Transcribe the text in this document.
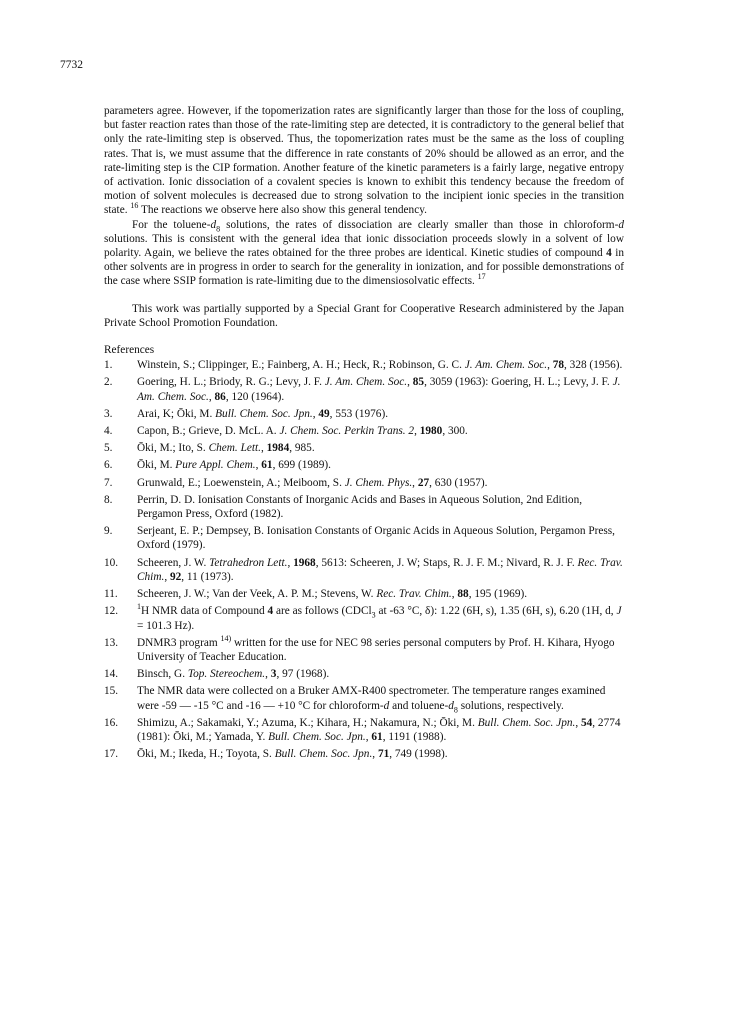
7732

parameters agree. However, if the topomerization rates are significantly larger than those for the loss of coupling, but faster reaction rates than those of the rate-limiting step are detected, it is contradictory to the general belief that only the rate-limiting step is observed. Thus, the topomerization rates must be the same as the loss of coupling rates. That is, we must assume that the difference in rate constants of 20% should be allowed as an error, and the rate-limiting step is the CIP formation. Another feature of the kinetic parameters is a fairly large, negative entropy of activation. Ionic dissociation of a covalent species is known to exhibit this tendency because the freedom of motion of solvent molecules is decreased due to strong solvation to the incipient ionic species in the transition state. $^{16}$ The reactions we observe here also show this general tendency.

For the toluene-$d_8$ solutions, the rates of dissociation are clearly smaller than those in chloroform-d solutions. This is consistent with the general idea that ionic dissociation proceeds slowly in a solvent of low polarity. Again, we believe the rates obtained for the three probes are identical. Kinetic studies of compound 4 in other solvents are in progress in order to search for the generality in ionization, and for possible demonstrations of the case where SSIP formation is rate-limiting due to the dimensiosolvatic effects. $^{17}$

This work was partially supported by a Special Grant for Cooperative Research administered by the Japan Private School Promotion Foundation.

References

1.	Winstein, S.; Clippinger, E.; Fainberg, A. H.; Heck, R.; Robinson, G. C. J. Am. Chem. Soc., 78, 328 (1956).
2.	Goering, H. L.; Briody, R. G.; Levy, J. F. J. Am. Chem. Soc., 85, 3059 (1963): Goering, H. L.; Levy, J. F. J. Am. Chem. Soc., 86, 120 (1964).
3.	Arai, K; Ōki, M. Bull. Chem. Soc. Jpn., 49, 553 (1976).
4.	Capon, B.; Grieve, D. McL. A. J. Chem. Soc. Perkin Trans. 2, 1980, 300.
5.	Ōki, M.; Ito, S. Chem. Lett., 1984, 985.
6.	Ōki, M. Pure Appl. Chem., 61, 699 (1989).
7.	Grunwald, E.; Loewenstein, A.; Meiboom, S. J. Chem. Phys., 27, 630 (1957).
8.	Perrin, D. D. Ionisation Constants of Inorganic Acids and Bases in Aqueous Solution, 2nd Edition, Pergamon Press, Oxford (1982).
9.	Serjeant, E. P.; Dempsey, B. Ionisation Constants of Organic Acids in Aqueous Solution, Pergamon Press, Oxford (1979).
10.	Scheeren, J. W. Tetrahedron Lett., 1968, 5613: Scheeren, J. W; Staps, R. J. F. M.; Nivard, R. J. F. Rec. Trav. Chim., 92, 11 (1973).
11.	Scheeren, J. W.; Van der Veek, A. P. M.; Stevens, W. Rec. Trav. Chim., 88, 195 (1969).
12.	$^1$H NMR data of Compound 4 are as follows (CDCl$_3$ at -63 °C, δ): 1.22 (6H, s), 1.35 (6H, s), 6.20 (1H, d, J = 101.3 Hz).
13.	DNMR3 program $^{14)}$ written for the use for NEC 98 series personal computers by Prof. H. Kihara, Hyogo University of Teacher Education.
14.	Binsch, G. Top. Stereochem., 3, 97 (1968).
15.	The NMR data were collected on a Bruker AMX-R400 spectrometer. The temperature ranges examined were -59 — -15 °C and -16 — +10 °C for chloroform-d and toluene-$d_8$ solutions, respectively.
16.	Shimizu, A.; Sakamaki, Y.; Azuma, K.; Kihara, H.; Nakamura, N.; Ōki, M. Bull. Chem. Soc. Jpn., 54, 2774 (1981): Ōki, M.; Yamada, Y. Bull. Chem. Soc. Jpn., 61, 1191 (1988).
17.	Ōki, M.; Ikeda, H.; Toyota, S. Bull. Chem. Soc. Jpn., 71, 749 (1998).
